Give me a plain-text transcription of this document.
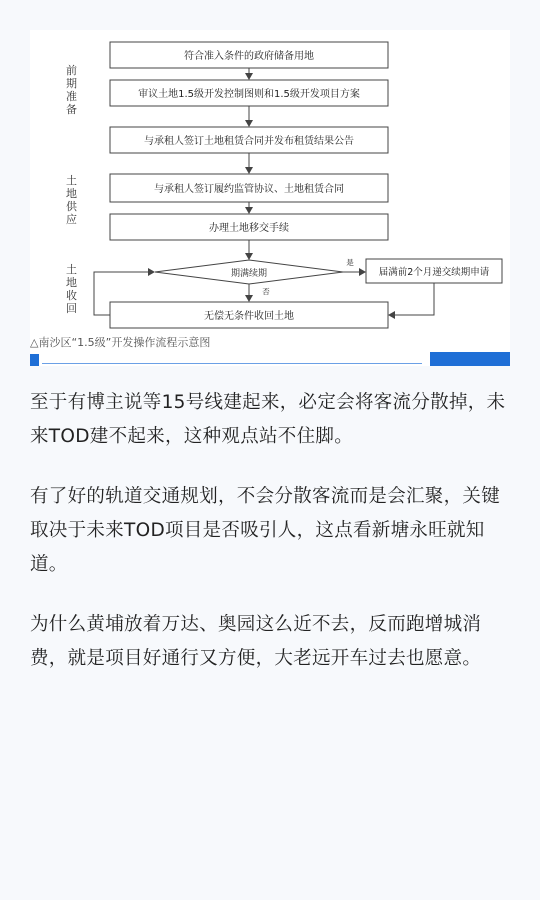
前
期
准
备
土
地
供
应
土
地
收
回
符合准入条件的政府储备用地
审议土地1.5级开发控制图则和1.5级开发项目方案
与承租人签订土地租赁合同并发布租赁结果公告
与承租人签订履约监管协议、土地租赁合同
办理土地移交手续
期满续期	届满前2个月递交续期申请
无偿无条件收回土地
是
否
△南沙区“1.5级”开发操作流程示意图

至于有博主说等15号线建起来，必定会将客流分散掉，未来TOD建不起来，这种观点站不住脚。

有了好的轨道交通规划，不会分散客流而是会汇聚，关键取决于未来TOD项目是否吸引人，这点看新塘永旺就知道。

为什么黄埔放着万达、奥园这么近不去，反而跑增城消费，就是项目好通行又方便，大老远开车过去也愿意。
